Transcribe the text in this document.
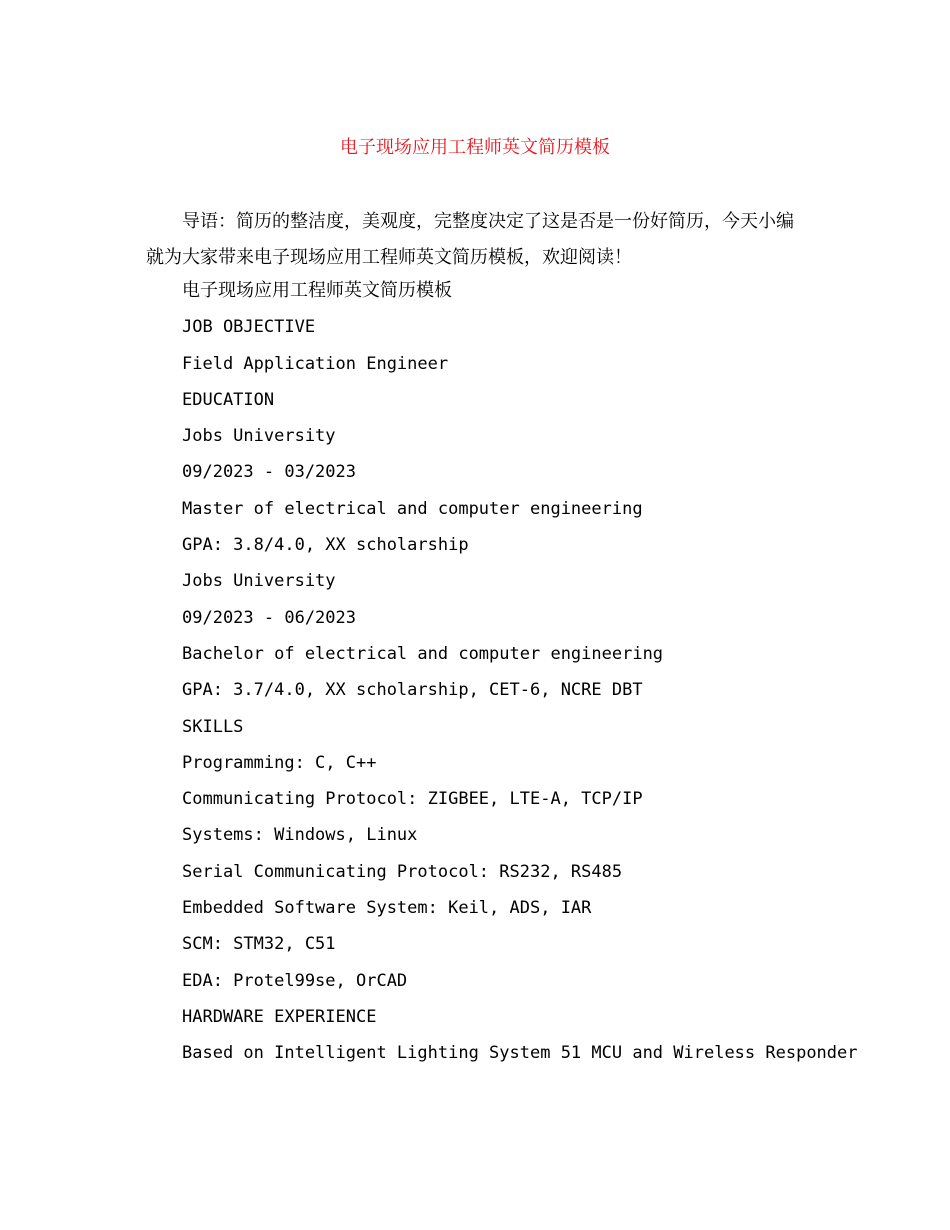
电子现场应用工程师英文简历模板

导语：简历的整洁度，美观度，完整度决定了这是否是一份好简历，今天小编就为大家带来电子现场应用工程师英文简历模板，欢迎阅读！

电子现场应用工程师英文简历模板
JOB OBJECTIVE
Field Application Engineer
EDUCATION
Jobs University
09/2023 - 03/2023
Master of electrical and computer engineering
GPA: 3.8/4.0, XX scholarship
Jobs University
09/2023 - 06/2023
Bachelor of electrical and computer engineering
GPA: 3.7/4.0, XX scholarship, CET-6, NCRE DBT
SKILLS
Programming: C, C++
Communicating Protocol: ZIGBEE, LTE-A, TCP/IP
Systems: Windows, Linux
Serial Communicating Protocol: RS232, RS485
Embedded Software System: Keil, ADS, IAR
SCM: STM32, C51
EDA: Protel99se, OrCAD
HARDWARE EXPERIENCE
Based on Intelligent Lighting System 51 MCU and Wireless Responder
